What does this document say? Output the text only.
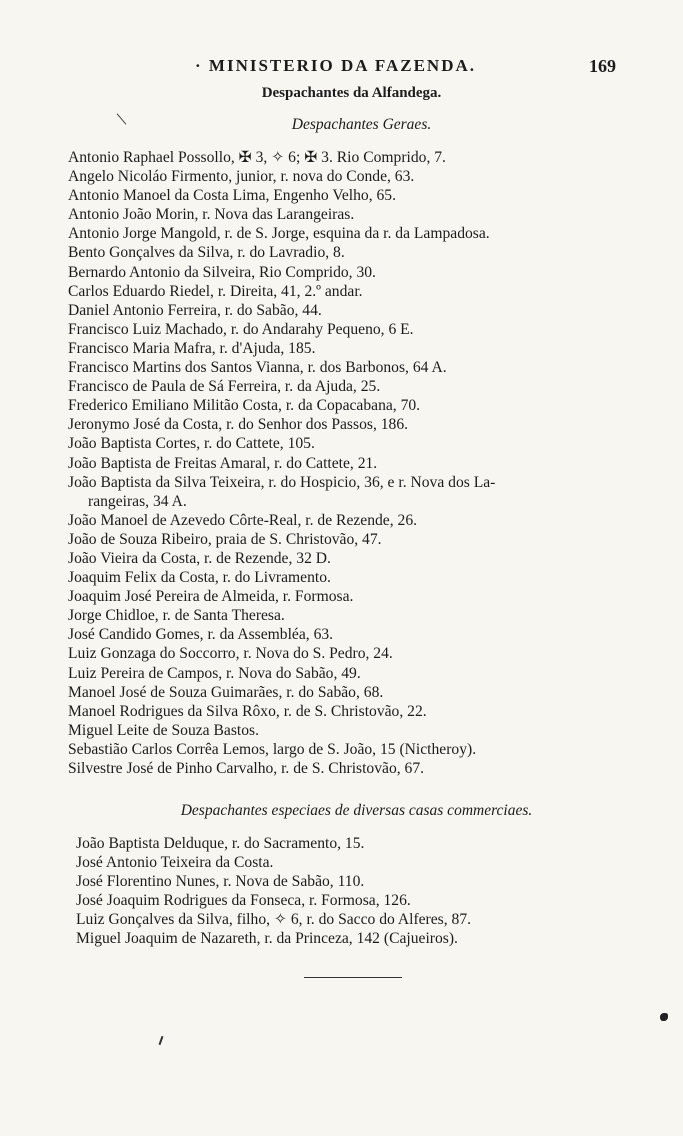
· MINISTERIO DA FAZENDA.	169
Despachantes da Alfandega.
Despachantes Geraes.
Antonio Raphael Possollo, ✠ 3, ✧ 6; ✠ 3. Rio Comprido, 7.
Angelo Nicoláo Firmento, junior, r. nova do Conde, 63.
Antonio Manoel da Costa Lima, Engenho Velho, 65.
Antonio João Morin, r. Nova das Larangeiras.
Antonio Jorge Mangold, r. de S. Jorge, esquina da r. da Lampadosa.
Bento Gonçalves da Silva, r. do Lavradio, 8.
Bernardo Antonio da Silveira, Rio Comprido, 30.
Carlos Eduardo Riedel, r. Direita, 41, 2.º andar.
Daniel Antonio Ferreira, r. do Sabão, 44.
Francisco Luiz Machado, r. do Andarahy Pequeno, 6 E.
Francisco Maria Mafra, r. d'Ajuda, 185.
Francisco Martins dos Santos Vianna, r. dos Barbonos, 64 A.
Francisco de Paula de Sá Ferreira, r. da Ajuda, 25.
Frederico Emiliano Militão Costa, r. da Copacabana, 70.
Jeronymo José da Costa, r. do Senhor dos Passos, 186.
João Baptista Cortes, r. do Cattete, 105.
João Baptista de Freitas Amaral, r. do Cattete, 21.
João Baptista da Silva Teixeira, r. do Hospicio, 36, e r. Nova dos La-
rangeiras, 34 A.
João Manoel de Azevedo Côrte-Real, r. de Rezende, 26.
João de Souza Ribeiro, praia de S. Christovão, 47.
João Vieira da Costa, r. de Rezende, 32 D.
Joaquim Felix da Costa, r. do Livramento.
Joaquim José Pereira de Almeida, r. Formosa.
Jorge Chidloe, r. de Santa Theresa.
José Candido Gomes, r. da Assembléa, 63.
Luiz Gonzaga do Soccorro, r. Nova do S. Pedro, 24.
Luiz Pereira de Campos, r. Nova do Sabão, 49.
Manoel José de Souza Guimarães, r. do Sabão, 68.
Manoel Rodrigues da Silva Rôxo, r. de S. Christovão, 22.
Miguel Leite de Souza Bastos.
Sebastião Carlos Corrêa Lemos, largo de S. João, 15 (Nictheroy).
Silvestre José de Pinho Carvalho, r. de S. Christovão, 67.
Despachantes especiaes de diversas casas commerciaes.
João Baptista Delduque, r. do Sacramento, 15.
José Antonio Teixeira da Costa.
José Florentino Nunes, r. Nova de Sabão, 110.
José Joaquim Rodrigues da Fonseca, r. Formosa, 126.
Luiz Gonçalves da Silva, filho, ✧ 6, r. do Sacco do Alferes, 87.
Miguel Joaquim de Nazareth, r. da Princeza, 142 (Cajueiros).
